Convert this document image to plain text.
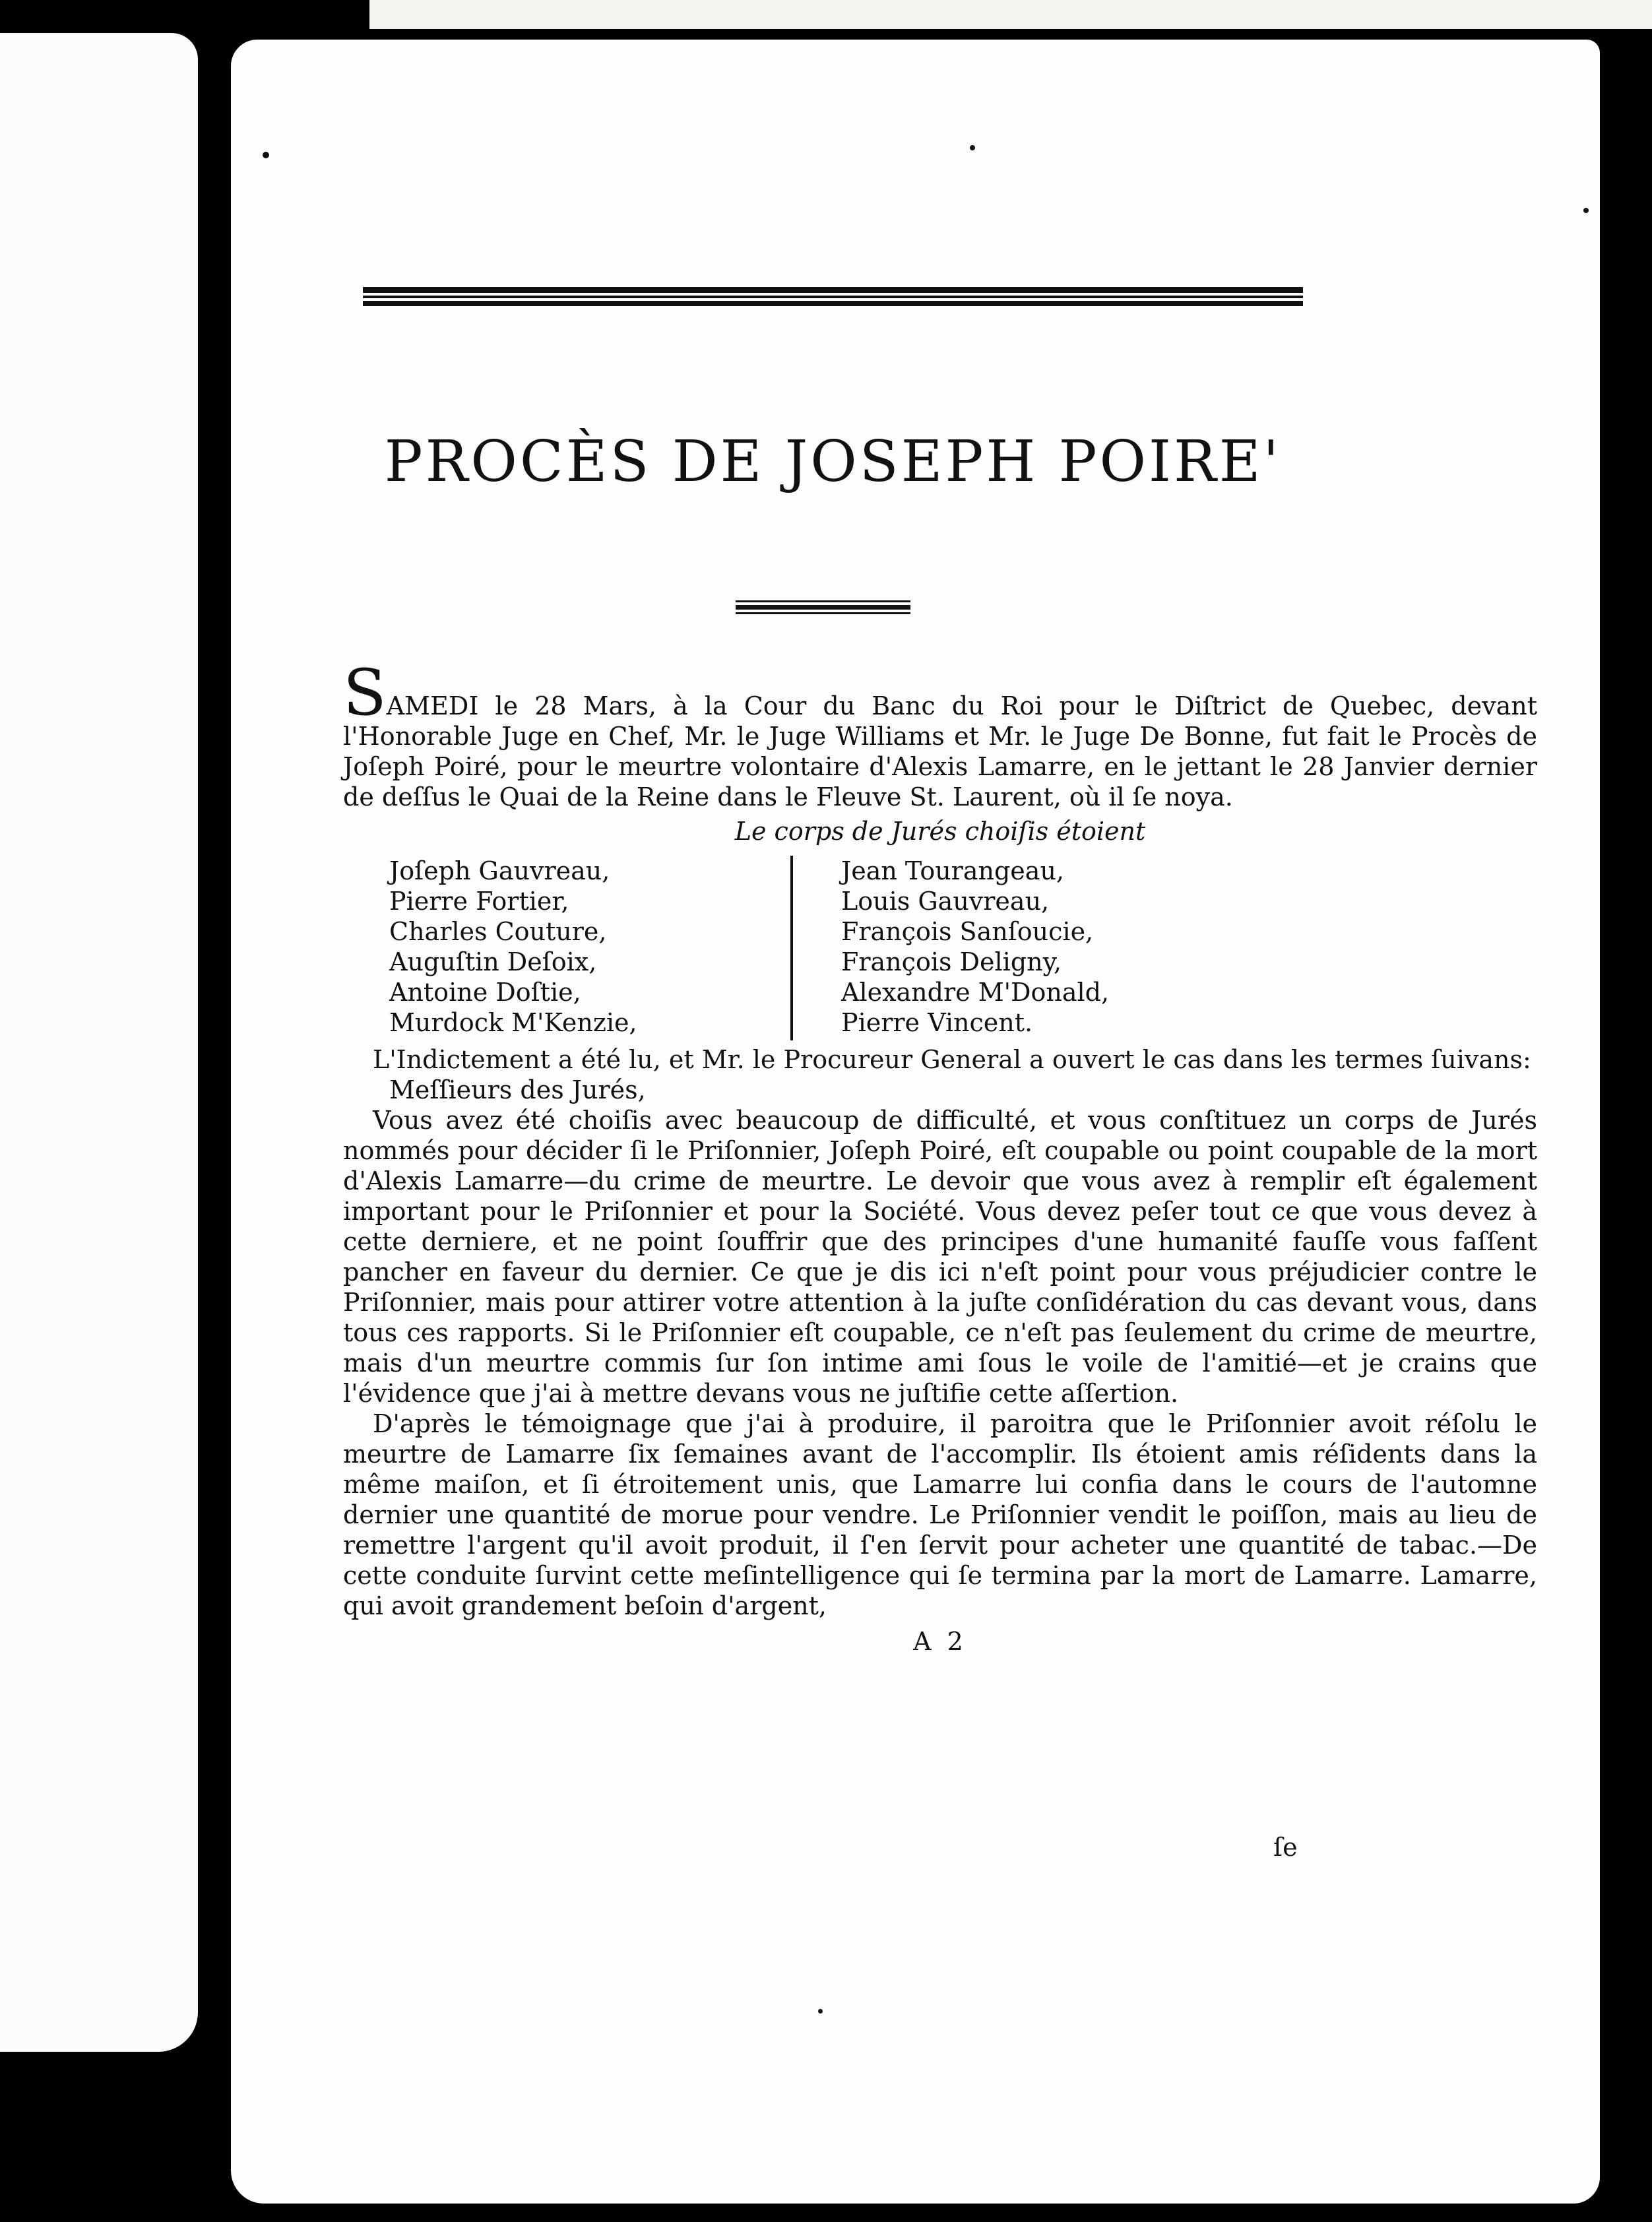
PROCÈS DE JOSEPH POIRE'

SAMEDI le 28 Mars, à la Cour du Banc du Roi pour le Diſtrict de Quebec, devant l'Honorable Juge en Chef, Mr. le Juge Williams et Mr. le Juge De Bonne, fut fait le Procès de Joſeph Poiré, pour le meurtre volontaire d'Alexis Lamarre, en le jettant le 28 Janvier dernier de deſſus le Quai de la Reine dans le Fleuve St. Laurent, où il ſe noya.

Le corps de Jurés choiſis étoient

Joſeph Gauvreau,
Pierre Fortier,
Charles Couture,
Auguſtin Deſoix,
Antoine Doſtie,
Murdock M'Kenzie,
Jean Tourangeau,
Louis Gauvreau,
François Sanſoucie,
François Deligny,
Alexandre M'Donald,
Pierre Vincent.

L'Indictement a été lu, et Mr. le Procureur General a ouvert le cas dans les termes ſuivans:

Meſſieurs des Jurés,

Vous avez été choiſis avec beaucoup de difficulté, et vous conſtituez un corps de Jurés nommés pour décider ſi le Priſonnier, Joſeph Poiré, eſt coupable ou point coupable de la mort d'Alexis Lamarre—du crime de meurtre. Le devoir que vous avez à remplir eſt également important pour le Priſonnier et pour la Société. Vous devez peſer tout ce que vous devez à cette derniere, et ne point ſouffrir que des principes d'une humanité fauſſe vous faſſent pancher en faveur du dernier. Ce que je dis ici n'eſt point pour vous préjudicier contre le Priſonnier, mais pour attirer votre attention à la juſte conſidération du cas devant vous, dans tous ces rapports. Si le Priſonnier eſt coupable, ce n'eſt pas ſeulement du crime de meurtre, mais d'un meurtre commis ſur ſon intime ami ſous le voile de l'amitié—et je crains que l'évidence que j'ai à mettre devans vous ne juſtifie cette aſſertion.

D'après le témoignage que j'ai à produire, il paroitra que le Priſonnier avoit réſolu le meurtre de Lamarre ſix ſemaines avant de l'accomplir. Ils étoient amis réſidents dans la même maiſon, et ſi étroitement unis, que Lamarre lui confia dans le cours de l'automne dernier une quantité de morue pour vendre. Le Priſonnier vendit le poiſſon, mais au lieu de remettre l'argent qu'il avoit produit, il ſ'en ſervit pour acheter une quantité de tabac.—De cette conduite ſurvint cette meſintelligence qui ſe termina par la mort de Lamarre. Lamarre, qui avoit grandement beſoin d'argent,

A 2

ſe
